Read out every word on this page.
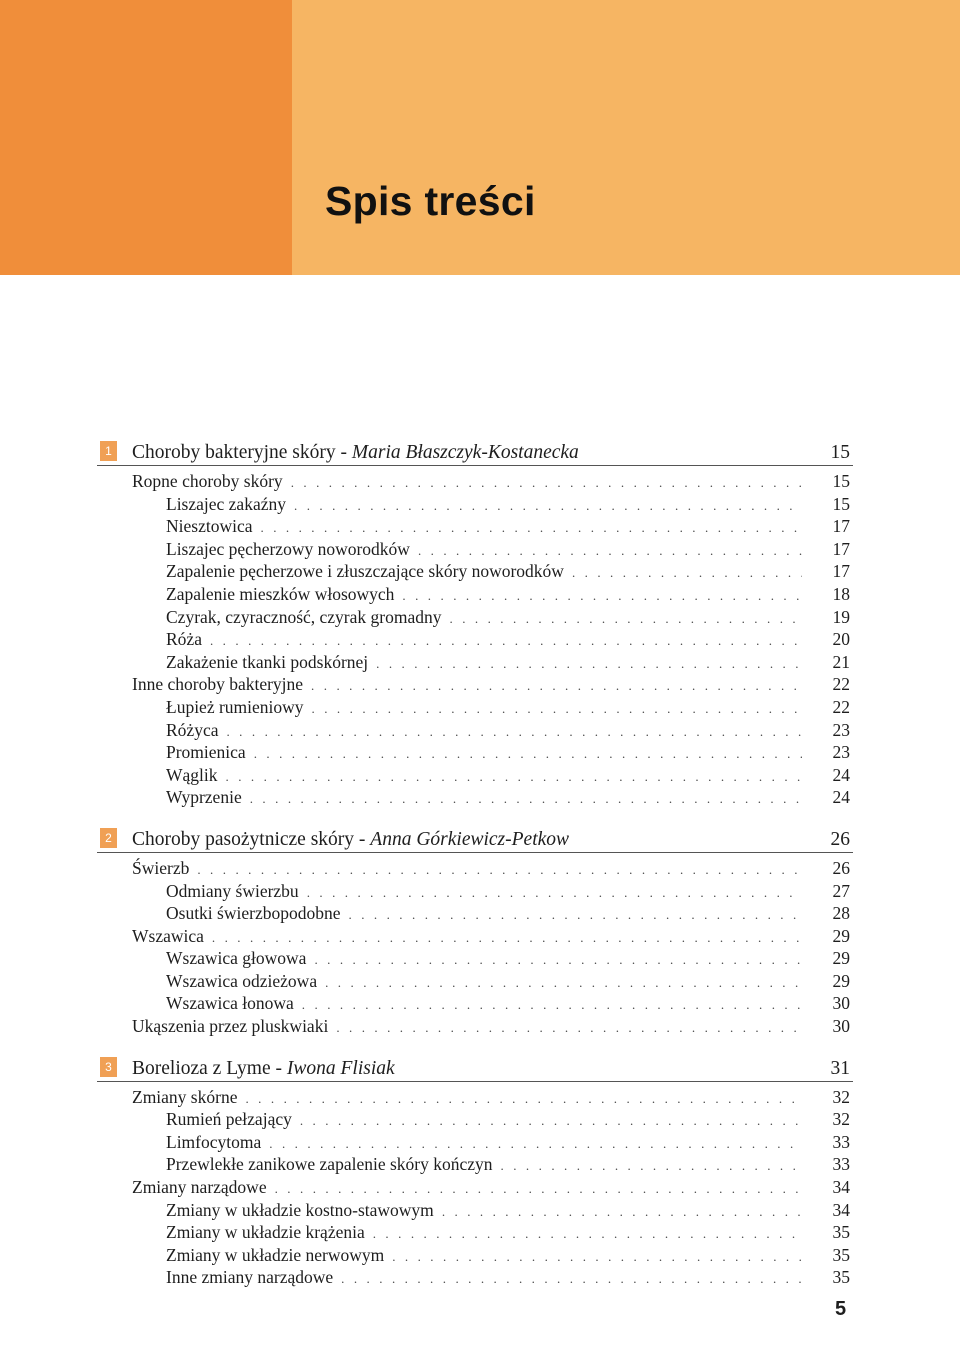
Spis treści
1 Choroby bakteryjne skóry - Maria Błaszczyk-Kostanecka	15
Ropne choroby skóry . . .	15
Liszajec zakaźny . . .	15
Niesztowica . . .	17
Liszajec pęcherzowy noworodków . . .	17
Zapalenie pęcherzowe i złuszczające skóry noworodków . . .	17
Zapalenie mieszków włosowych . . .	18
Czyrak, czyraczność, czyrak gromadny . . .	19
Róża . . .	20
Zakażenie tkanki podskórnej . . .	21
Inne choroby bakteryjne . . .	22
Łupież rumieniowy . . .	22
Różyca . . .	23
Promienica . . .	23
Wąglik . . .	24
Wyprzenie . . .	24
2 Choroby pasożytnicze skóry - Anna Górkiewicz-Petkow	26
Świerzb . . .	26
Odmiany świerzbu . . .	27
Osutki świerzbopodobne . . .	28
Wszawica . . .	29
Wszawica głowowa . . .	29
Wszawica odzieżowa . . .	29
Wszawica łonowa . . .	30
Ukąszenia przez pluskwiaki . . .	30
3 Borelioza z Lyme - Iwona Flisiak	31
Zmiany skórne . . .	32
Rumień pełzający . . .	32
Limfocytoma . . .	33
Przewlekłe zanikowe zapalenie skóry kończyn . . .	33
Zmiany narządowe . . .	34
Zmiany w układzie kostno-stawowym . . .	34
Zmiany w układzie krążenia . . .	35
Zmiany w układzie nerwowym . . .	35
Inne zmiany narządowe . . .	35
5
